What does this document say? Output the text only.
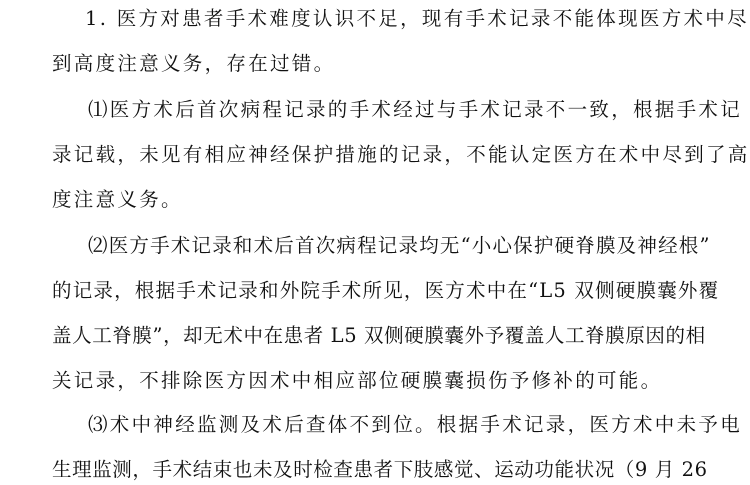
1. 医方对患者手术难度认识不足，现有手术记录不能体现医方术中尽
到高度注意义务，存在过错。
⑴医方术后首次病程记录的手术经过与手术记录不一致，根据手术记
录记载，未见有相应神经保护措施的记录，不能认定医方在术中尽到了高
度注意义务。
⑵医方手术记录和术后首次病程记录均无“小心保护硬脊膜及神经根”
的记录，根据手术记录和外院手术所见，医方术中在“L5 双侧硬膜囊外覆
盖人工脊膜”，却无术中在患者 L5 双侧硬膜囊外予覆盖人工脊膜原因的相
关记录，不排除医方因术中相应部位硬膜囊损伤予修补的可能。
⑶术中神经监测及术后查体不到位。根据手术记录，医方术中未予电
生理监测，手术结束也未及时检查患者下肢感觉、运动功能状况（9 月 26
